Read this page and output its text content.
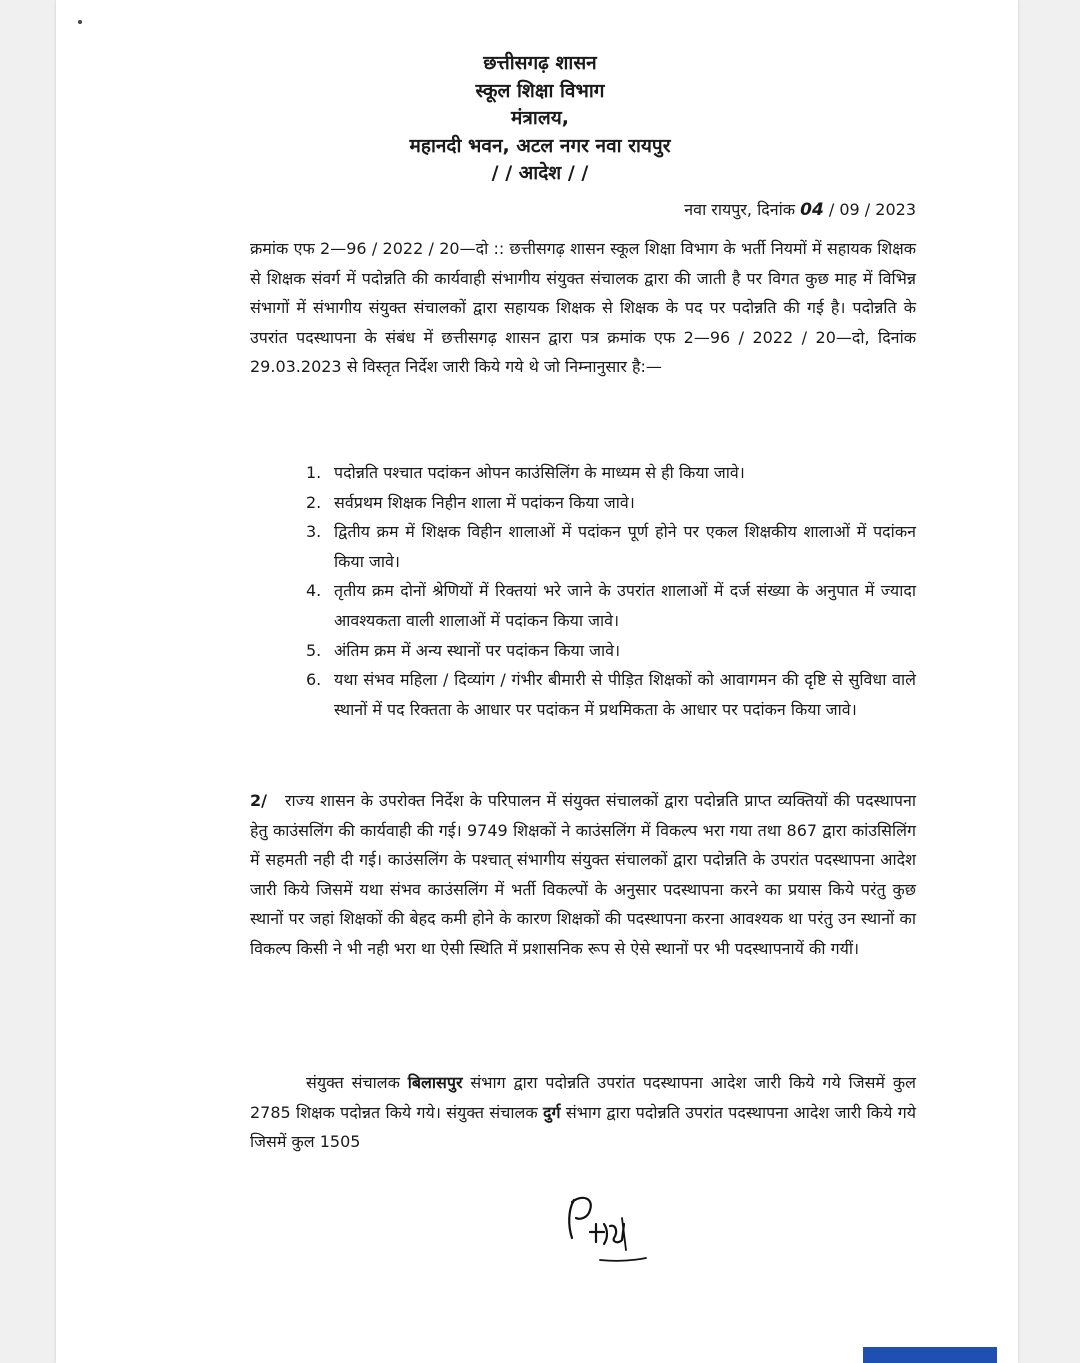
छत्तीसगढ़ शासन
स्कूल शिक्षा विभाग
मंत्रालय,
महानदी भवन, अटल नगर नवा रायपुर
/ / आदेश / /
नवा रायपुर, दिनांक 04 / 09 / 2023
क्रमांक एफ 2—96 / 2022 / 20—दो :: छत्तीसगढ़ शासन स्कूल शिक्षा विभाग के भर्ती नियमों में सहायक शिक्षक से शिक्षक संवर्ग में पदोन्नति की कार्यवाही संभागीय संयुक्त संचालक द्वारा की जाती है पर विगत कुछ माह में विभिन्न संभागों में संभागीय संयुक्त संचालकों द्वारा सहायक शिक्षक से शिक्षक के पद पर पदोन्नति की गई है। पदोन्नति के उपरांत पदस्थापना के संबंध में छत्तीसगढ़ शासन द्वारा पत्र क्रमांक एफ 2—96 / 2022 / 20—दो, दिनांक 29.03.2023 से विस्तृत निर्देश जारी किये गये थे जो निम्नानुसार है:—
1. पदोन्नति पश्चात पदांकन ओपन काउंसिलिंग के माध्यम से ही किया जावे।
2. सर्वप्रथम शिक्षक निहीन शाला में पदांकन किया जावे।
3. द्वितीय क्रम में शिक्षक विहीन शालाओं में पदांकन पूर्ण होने पर एकल शिक्षकीय शालाओं में पदांकन किया जावे।
4. तृतीय क्रम दोनों श्रेणियों में रिक्तयां भरे जाने के उपरांत शालाओं में दर्ज संख्या के अनुपात में ज्यादा आवश्यकता वाली शालाओं में पदांकन किया जावे।
5. अंतिम क्रम में अन्य स्थानों पर पदांकन किया जावे।
6. यथा संभव महिला / दिव्यांग / गंभीर बीमारी से पीड़ित शिक्षकों को आवागमन की दृष्टि से सुविधा वाले स्थानों में पद रिक्तता के आधार पर पदांकन में प्रथमिकता के आधार पर पदांकन किया जावे।
2/ राज्य शासन के उपरोक्त निर्देश के परिपालन में संयुक्त संचालकों द्वारा पदोन्नति प्राप्त व्यक्तियों की पदस्थापना हेतु काउंसलिंग की कार्यवाही की गई। 9749 शिक्षकों ने काउंसलिंग में विकल्प भरा गया तथा 867 द्वारा कांउसिलिंग में सहमती नही दी गई। काउंसलिंग के पश्चात् संभागीय संयुक्त संचालकों द्वारा पदोन्नति के उपरांत पदस्थापना आदेश जारी किये जिसमें यथा संभव काउंसलिंग में भर्ती विकल्पों के अनुसार पदस्थापना करने का प्रयास किये परंतु कुछ स्थानों पर जहां शिक्षकों की बेहद कमी होने के कारण शिक्षकों की पदस्थापना करना आवश्यक था परंतु उन स्थानों का विकल्प किसी ने भी नही भरा था ऐसी स्थिति में प्रशासनिक रूप से ऐसे स्थानों पर भी पदस्थापनायें की गयीं।
संयुक्त संचालक बिलासपुर संभाग द्वारा पदोन्नति उपरांत पदस्थापना आदेश जारी किये गये जिसमें कुल 2785 शिक्षक पदोन्नत किये गये। संयुक्त संचालक दुर्ग संभाग द्वारा पदोन्नति उपरांत पदस्थापना आदेश जारी किये गये जिसमें कुल 1505
